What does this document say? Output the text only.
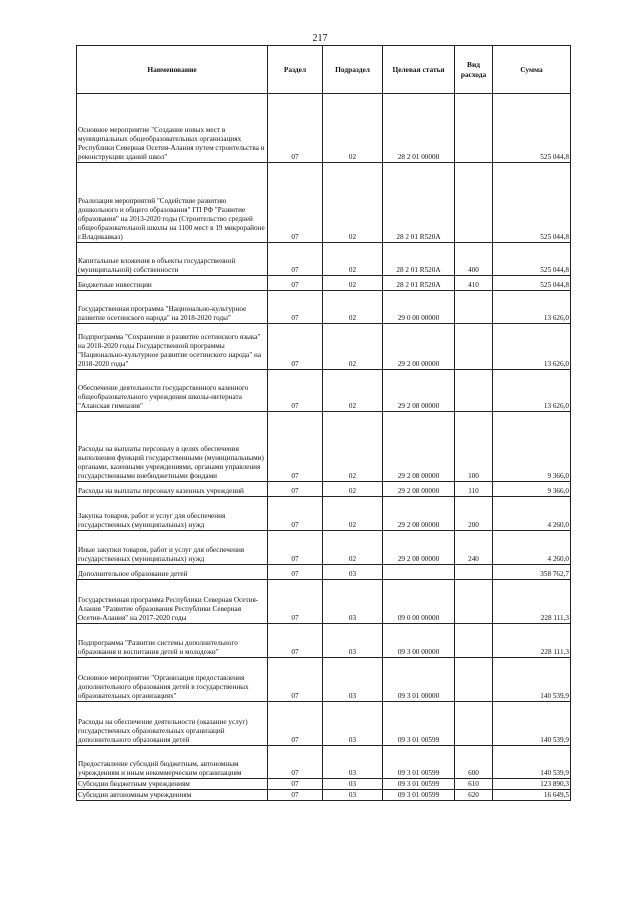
217
Наименование	Раздел	Подраздел	Целевая статья	Вид расхода	Сумма
Основное мероприятие "Создание новых мест в муниципальных общеобразовательных организациях Республики Северная Осетия-Алания путем строительства и реконструкции зданий школ"	07	02	28 2 01 00000		525 044,8
Реализация мероприятий "Содействие развитию дошкольного и общего образования" ГП РФ "Развитие образования" на 2013-2020 годы (Строительство средней общеобразовательной школы на 1100 мест в 19 микрорайоне г.Владикавказ)	07	02	28 2 01 R520A		525 044,8
Капитальные вложения в объекты государственной (муниципальной) собственности	07	02	28 2 01 R520A	400	525 044,8
Бюджетные инвестиции	07	02	28 2 01 R520A	410	525 044,8
Государственная программа "Национально-культурное развитие осетинского народа" на 2018-2020 годы"	07	02	29 0 00 00000		13 626,0
Подпрограмма "Сохранение и развитие осетинского языка" на 2018-2020 годы Государственной программы "Национально-культурное развитие осетинского народа" на 2018-2020 годы"	07	02	29 2 00 00000		13 626,0
Обеспечение деятельности государственного казенного общеобразовательного учреждения школы-интерната "Аланская гимназия"	07	02	29 2 08 00000		13 626,0
Расходы на выплаты персоналу в целях обеспечения выполнения функций государственными (муниципальными) органами, казенными учреждениями, органами управления государственными внебюджетными фондами	07	02	29 2 08 00000	100	9 366,0
Расходы на выплаты персоналу казенных учреждений	07	02	29 2 08 00000	110	9 366,0
Закупка товаров, работ и услуг для обеспечения государственных (муниципальных) нужд	07	02	29 2 08 00000	200	4 260,0
Иные закупки товаров, работ и услуг для обеспечения государственных (муниципальных) нужд	07	02	29 2 08 00000	240	4 260,0
Дополнительное образование детей	07	03			358 762,7
Государственная программа Республики Северная Осетия-Алания "Развитие образования Республики Северная Осетия-Алания" на 2017-2020 годы	07	03	09 0 00 00000		228 111,3
Подпрограмма "Развитие системы дополнительного образования и воспитания детей и молодежи"	07	03	09 3 00 00000		228 111,3
Основное мероприятие "Организация предоставления дополнительного образования детей в государственных образовательных организациях"	07	03	09 3 01 00000		140 539,9
Расходы на обеспечение деятельности (оказание услуг) государственных образовательных организаций дополнительного образования детей	07	03	09 3 01 00599		140 539,9
Предоставление субсидий бюджетным, автономным учреждениям и иным некоммерческим организациям	07	03	09 3 01 00599	600	140 539,9
Субсидии бюджетным учреждениям	07	03	09 3 01 00599	610	123 890,3
Субсидии автономным учреждениям	07	03	09 3 01 00599	620	16 649,5
